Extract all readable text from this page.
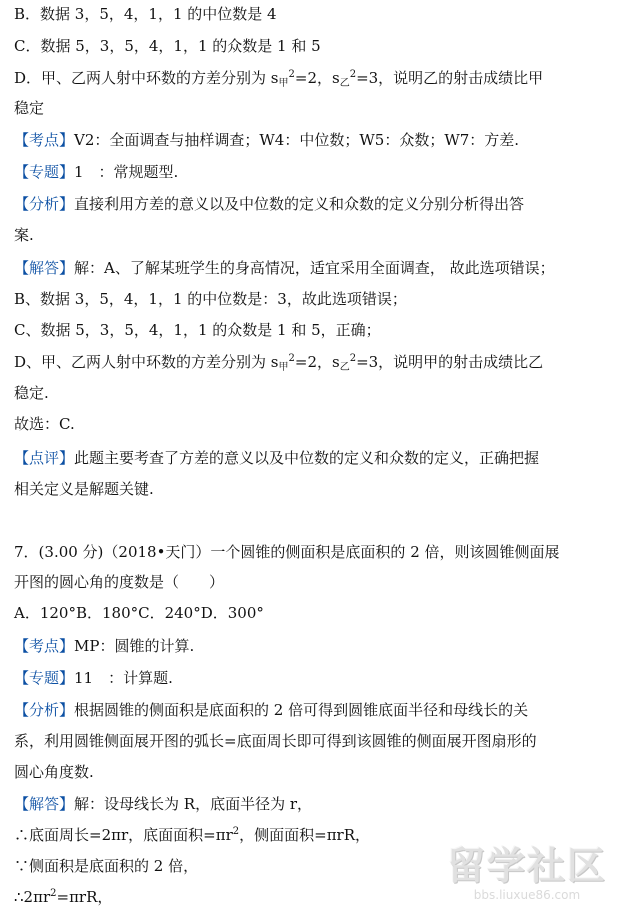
B．数据 3，5，4，1，1 的中位数是 4
C．数据 5，3，5，4，1，1 的众数是 1 和 5
D．甲、乙两人射中环数的方差分别为 $s_甲^2=2$，$s_乙^2=3$，说明乙的射击成绩比甲
稳定
【考点】V2：全面调查与抽样调查；W4：中位数；W5：众数；W7：方差.
【专题】1　：常规题型.
【分析】直接利用方差的意义以及中位数的定义和众数的定义分别分析得出答
案.
【解答】解：A、了解某班学生的身高情况，适宜采用全面调查， 故此选项错误；
B、数据 3，5，4，1，1 的中位数是：3，故此选项错误；
C、数据 5，3，5，4，1，1 的众数是 1 和 5，正确；
D、甲、乙两人射中环数的方差分别为 $s_甲^2=2$，$s_乙^2=3$，说明甲的射击成绩比乙
稳定.
故选：C.
【点评】此题主要考查了方差的意义以及中位数的定义和众数的定义，正确把握
相关定义是解题关键.
7．(3.00 分)（2018•天门）一个圆锥的侧面积是底面积的 2 倍，则该圆锥侧面展
开图的圆心角的度数是（　　）
A．120°B．180°C．240°D．300°
【考点】MP：圆锥的计算.
【专题】11　：计算题.
【分析】根据圆锥的侧面积是底面积的 2 倍可得到圆锥底面半径和母线长的关
系，利用圆锥侧面展开图的弧长=底面周长即可得到该圆锥的侧面展开图扇形的
圆心角度数.
【解答】解：设母线长为 R，底面半径为 r，
∴底面周长=2πr，底面面积$=\pi r^2$，侧面面积=πrR，
∵侧面积是底面积的 2 倍，
$\therefore 2\pi r^2=\pi rR$，
留学社区
bbs.liuxue86.com
